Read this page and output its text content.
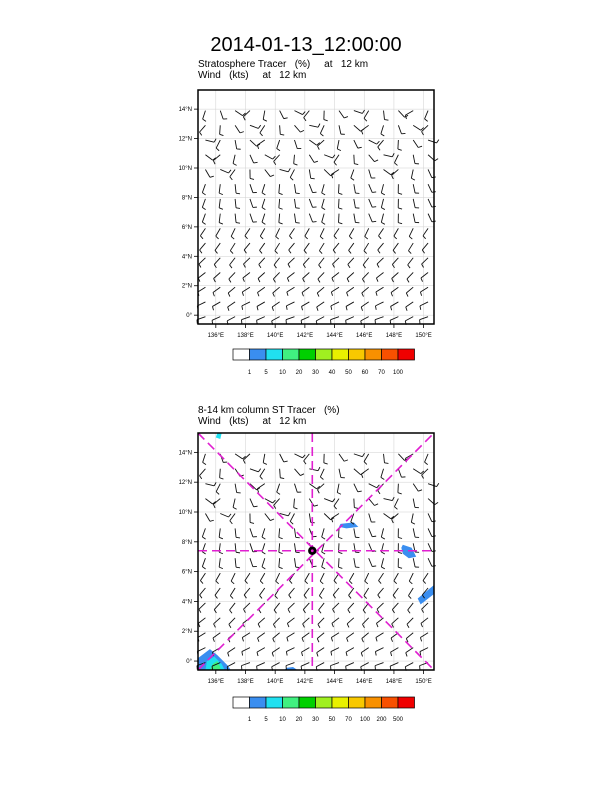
2014-01-13_12:00:00
Stratosphere Tracer   (%)     at   12 km
Wind   (kts)     at   12 km
8-14 km column ST Tracer   (%)
Wind   (kts)     at   12 km
136°E 138°E 140°E 142°E 144°E 146°E 148°E 150°E
0°
2°N
4°N
6°N
8°N
10°N
12°N
14°N
1 5 10 20 30 40 50 60 70 100
136°E 138°E 140°E 142°E 144°E 146°E 148°E 150°E
0°
2°N
4°N
6°N
8°N
10°N
12°N
14°N
1 5 10 20 30 50 70 100 200 500
